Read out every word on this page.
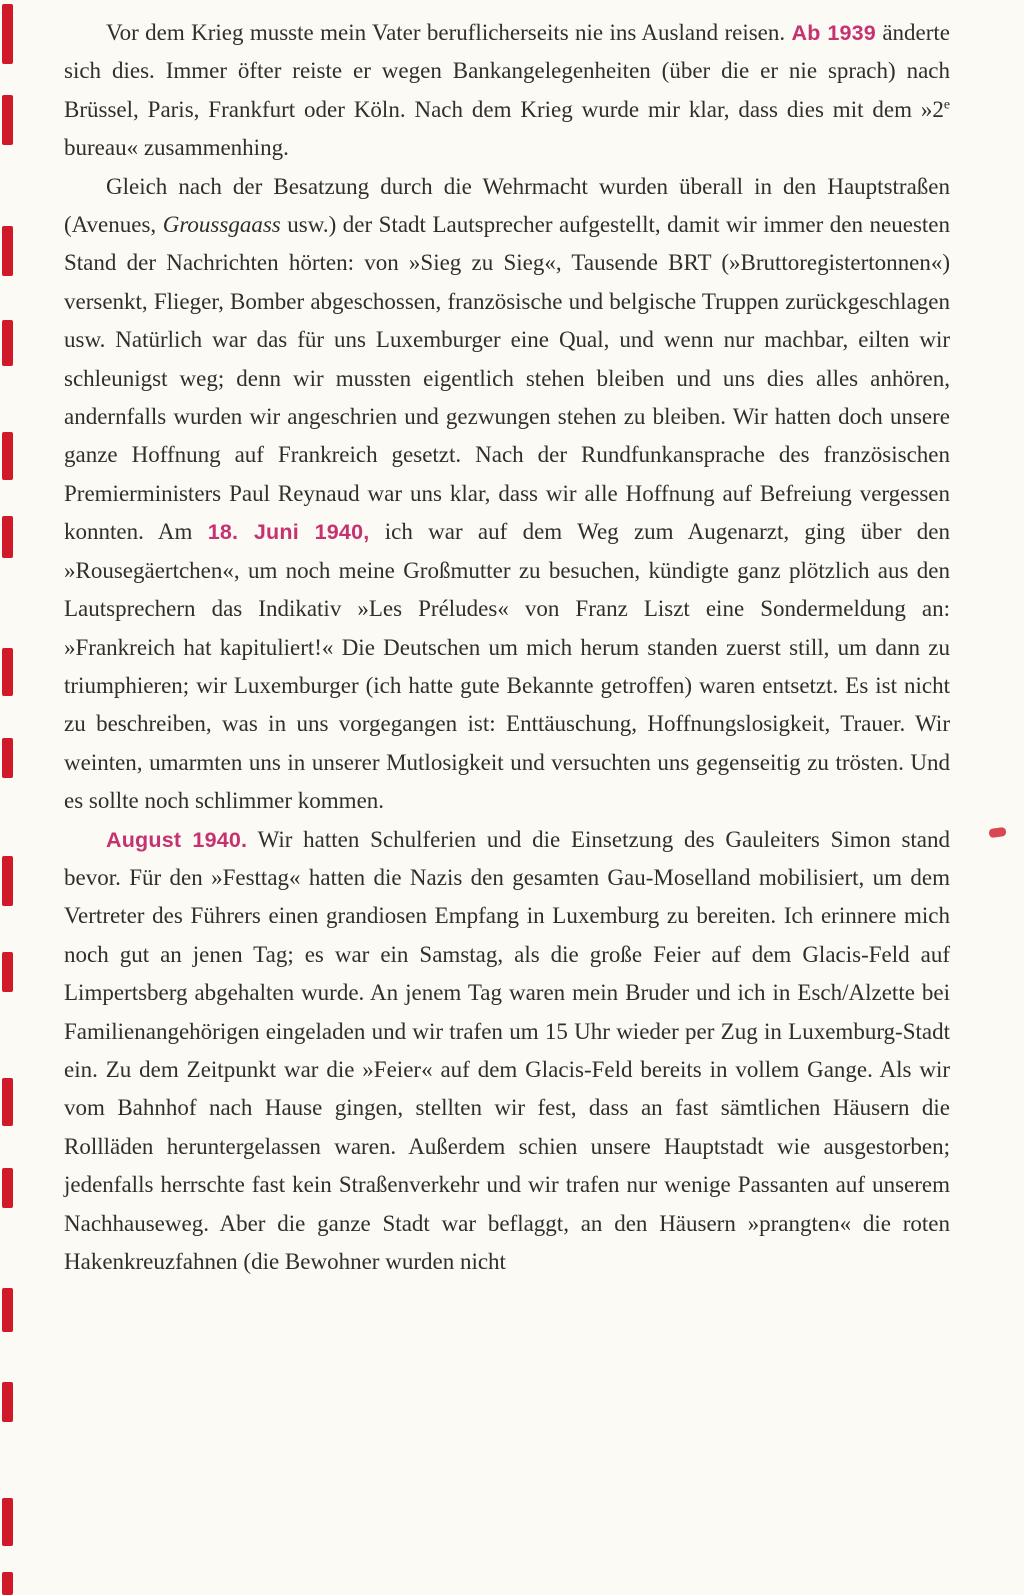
Vor dem Krieg musste mein Vater beruflicherseits nie ins Ausland reisen. Ab 1939 änderte sich dies. Immer öfter reiste er wegen Bankangelegenheiten (über die er nie sprach) nach Brüssel, Paris, Frankfurt oder Köln. Nach dem Krieg wurde mir klar, dass dies mit dem »2e bureau« zusammenhing.

Gleich nach der Besatzung durch die Wehrmacht wurden überall in den Hauptstraßen (Avenues, Groussgaass usw.) der Stadt Lautsprecher aufgestellt, damit wir immer den neuesten Stand der Nachrichten hörten: von »Sieg zu Sieg«, Tausende BRT (»Bruttoregistertonnen«) versenkt, Flieger, Bomber abgeschossen, französische und belgische Truppen zurückgeschlagen usw. Natürlich war das für uns Luxemburger eine Qual, und wenn nur machbar, eilten wir schleunigst weg; denn wir mussten eigentlich stehen bleiben und uns dies alles anhören, andernfalls wurden wir angeschrien und gezwungen stehen zu bleiben. Wir hatten doch unsere ganze Hoffnung auf Frankreich gesetzt. Nach der Rundfunkansprache des französischen Premierministers Paul Reynaud war uns klar, dass wir alle Hoffnung auf Befreiung vergessen konnten. Am 18. Juni 1940, ich war auf dem Weg zum Augenarzt, ging über den »Rousegäertchen«, um noch meine Großmutter zu besuchen, kündigte ganz plötzlich aus den Lautsprechern das Indikativ »Les Préludes« von Franz Liszt eine Sondermeldung an: »Frankreich hat kapituliert!« Die Deutschen um mich herum standen zuerst still, um dann zu triumphieren; wir Luxemburger (ich hatte gute Bekannte getroffen) waren entsetzt. Es ist nicht zu beschreiben, was in uns vorgegangen ist: Enttäuschung, Hoffnungslosigkeit, Trauer. Wir weinten, umarmten uns in unserer Mutlosigkeit und versuchten uns gegenseitig zu trösten. Und es sollte noch schlimmer kommen.

August 1940. Wir hatten Schulferien und die Einsetzung des Gauleiters Simon stand bevor. Für den »Festtag« hatten die Nazis den gesamten Gau-Moselland mobilisiert, um dem Vertreter des Führers einen grandiosen Empfang in Luxemburg zu bereiten. Ich erinnere mich noch gut an jenen Tag; es war ein Samstag, als die große Feier auf dem Glacis-Feld auf Limpertsberg abgehalten wurde. An jenem Tag waren mein Bruder und ich in Esch/Alzette bei Familienangehörigen eingeladen und wir trafen um 15 Uhr wieder per Zug in Luxemburg-Stadt ein. Zu dem Zeitpunkt war die »Feier« auf dem Glacis-Feld bereits in vollem Gange. Als wir vom Bahnhof nach Hause gingen, stellten wir fest, dass an fast sämtlichen Häusern die Rollläden heruntergelassen waren. Außerdem schien unsere Hauptstadt wie ausgestorben; jedenfalls herrschte fast kein Straßenverkehr und wir trafen nur wenige Passanten auf unserem Nachhauseweg. Aber die ganze Stadt war beflaggt, an den Häusern »prangten« die roten Hakenkreuzfahnen (die Bewohner wurden nicht
